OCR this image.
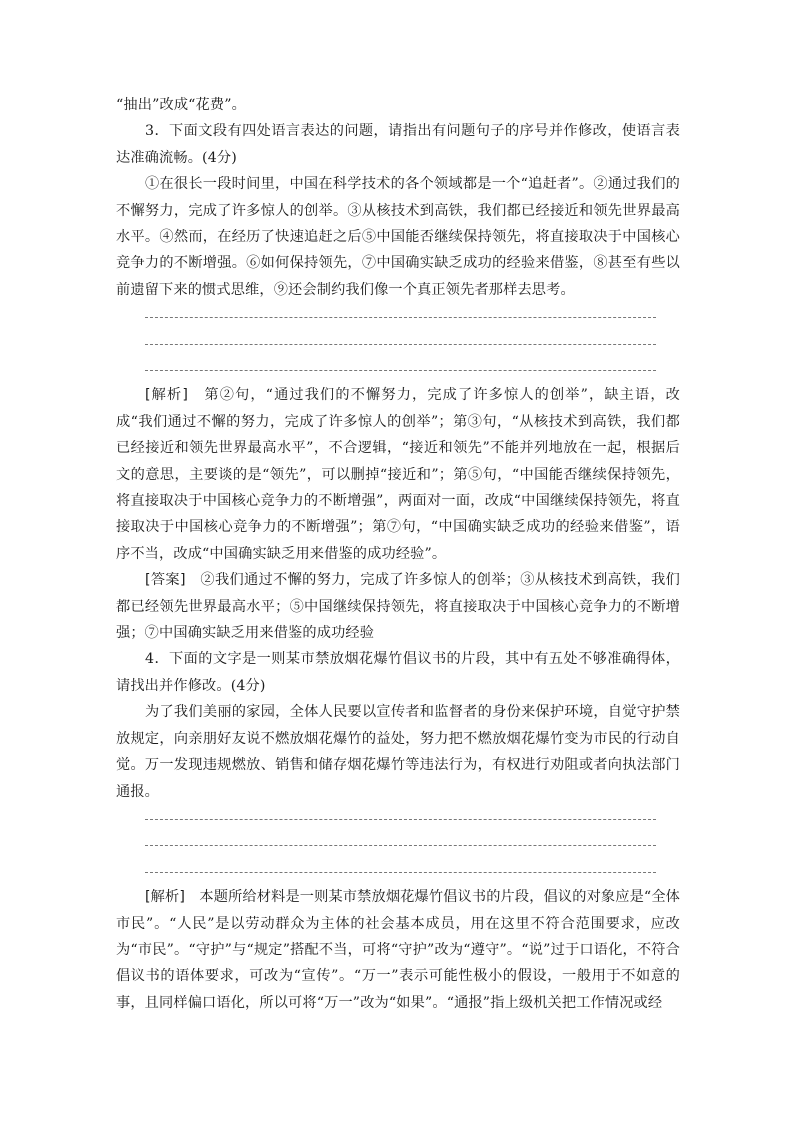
“抽出”改成“花费”。

3．下面文段有四处语言表达的问题，请指出有问题句子的序号并作修改，使语言表达准确流畅。(4分)

①在很长一段时间里，中国在科学技术的各个领域都是一个“追赶者”。②通过我们的不懈努力，完成了许多惊人的创举。③从核技术到高铁，我们都已经接近和领先世界最高水平。④然而，在经历了快速追赶之后⑤中国能否继续保持领先，将直接取决于中国核心竞争力的不断增强。⑥如何保持领先，⑦中国确实缺乏成功的经验来借鉴，⑧甚至有些以前遗留下来的惯式思维，⑨还会制约我们像一个真正领先者那样去思考。

[解析]　 第②句，“通过我们的不懈努力，完成了许多惊人的创举”，缺主语，改成“我们通过不懈的努力，完成了许多惊人的创举”；第③句，“从核技术到高铁，我们都已经接近和领先世界最高水平”，不合逻辑，“接近和领先”不能并列地放在一起，根据后文的意思，主要谈的是“领先”，可以删掉“接近和”；第⑤句，“中国能否继续保持领先，将直接取决于中国核心竞争力的不断增强”，两面对一面，改成“中国继续保持领先，将直接取决于中国核心竞争力的不断增强”；第⑦句，“中国确实缺乏成功的经验来借鉴”，语序不当，改成“中国确实缺乏用来借鉴的成功经验”。

[答案]　 ②我们通过不懈的努力，完成了许多惊人的创举；③从核技术到高铁，我们都已经领先世界最高水平；⑤中国继续保持领先，将直接取决于中国核心竞争力的不断增强；⑦中国确实缺乏用来借鉴的成功经验

4．下面的文字是一则某市禁放烟花爆竹倡议书的片段，其中有五处不够准确得体，请找出并作修改。(4分)

为了我们美丽的家园，全体人民要以宣传者和监督者的身份来保护环境，自觉守护禁放规定，向亲朋好友说不燃放烟花爆竹的益处，努力把不燃放烟花爆竹变为市民的行动自觉。万一发现违规燃放、销售和储存烟花爆竹等违法行为，有权进行劝阻或者向执法部门通报。

[解析]　 本题所给材料是一则某市禁放烟花爆竹倡议书的片段，倡议的对象应是“全体市民”。“人民”是以劳动群众为主体的社会基本成员，用在这里不符合范围要求，应改为“市民”。“守护”与“规定”搭配不当，可将“守护”改为“遵守”。“说”过于口语化，不符合倡议书的语体要求，可改为“宣传”。“万一”表示可能性极小的假设，一般用于不如意的事，且同样偏口语化，所以可将“万一”改为“如果”。“通报”指上级机关把工作情况或经
